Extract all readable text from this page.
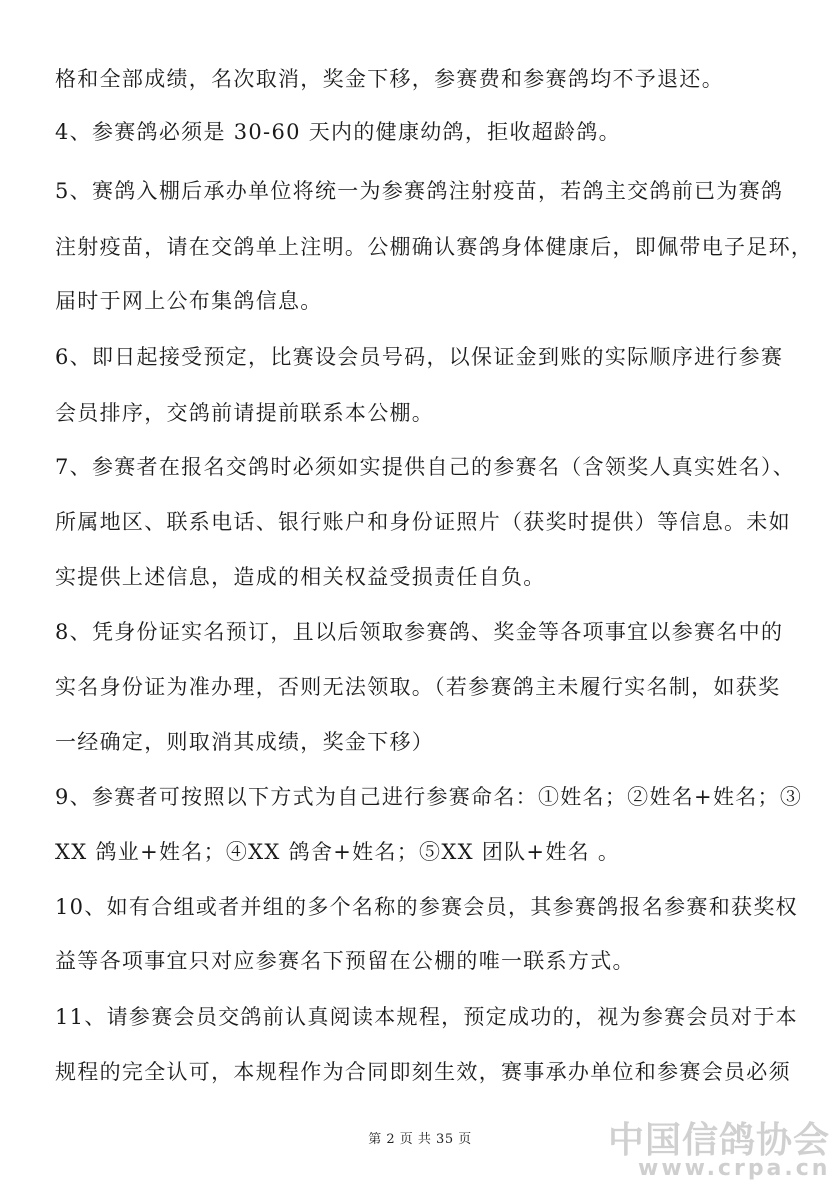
格和全部成绩，名次取消，奖金下移，参赛费和参赛鸽均不予退还。
4、参赛鸽必须是 30-60 天内的健康幼鸽，拒收超龄鸽。
5、赛鸽入棚后承办单位将统一为参赛鸽注射疫苗，若鸽主交鸽前已为赛鸽
注射疫苗，请在交鸽单上注明。公棚确认赛鸽身体健康后，即佩带电子足环，
届时于网上公布集鸽信息。
6、即日起接受预定，比赛设会员号码，以保证金到账的实际顺序进行参赛
会员排序，交鸽前请提前联系本公棚。
7、参赛者在报名交鸽时必须如实提供自己的参赛名（含领奖人真实姓名）、
所属地区、联系电话、银行账户和身份证照片（获奖时提供）等信息。未如
实提供上述信息，造成的相关权益受损责任自负。
8、凭身份证实名预订，且以后领取参赛鸽、奖金等各项事宜以参赛名中的
实名身份证为准办理，否则无法领取。（若参赛鸽主未履行实名制，如获奖
一经确定，则取消其成绩，奖金下移）
9、参赛者可按照以下方式为自己进行参赛命名：①姓名；②姓名+姓名；③
XX 鸽业+姓名；④XX 鸽舍+姓名；⑤XX 团队+姓名 。
10、如有合组或者并组的多个名称的参赛会员，其参赛鸽报名参赛和获奖权
益等各项事宜只对应参赛名下预留在公棚的唯一联系方式。
11、请参赛会员交鸽前认真阅读本规程，预定成功的，视为参赛会员对于本
规程的完全认可，本规程作为合同即刻生效，赛事承办单位和参赛会员必须
第 2 页 共 35 页	中国信鸽协会
www.crpa.cn
